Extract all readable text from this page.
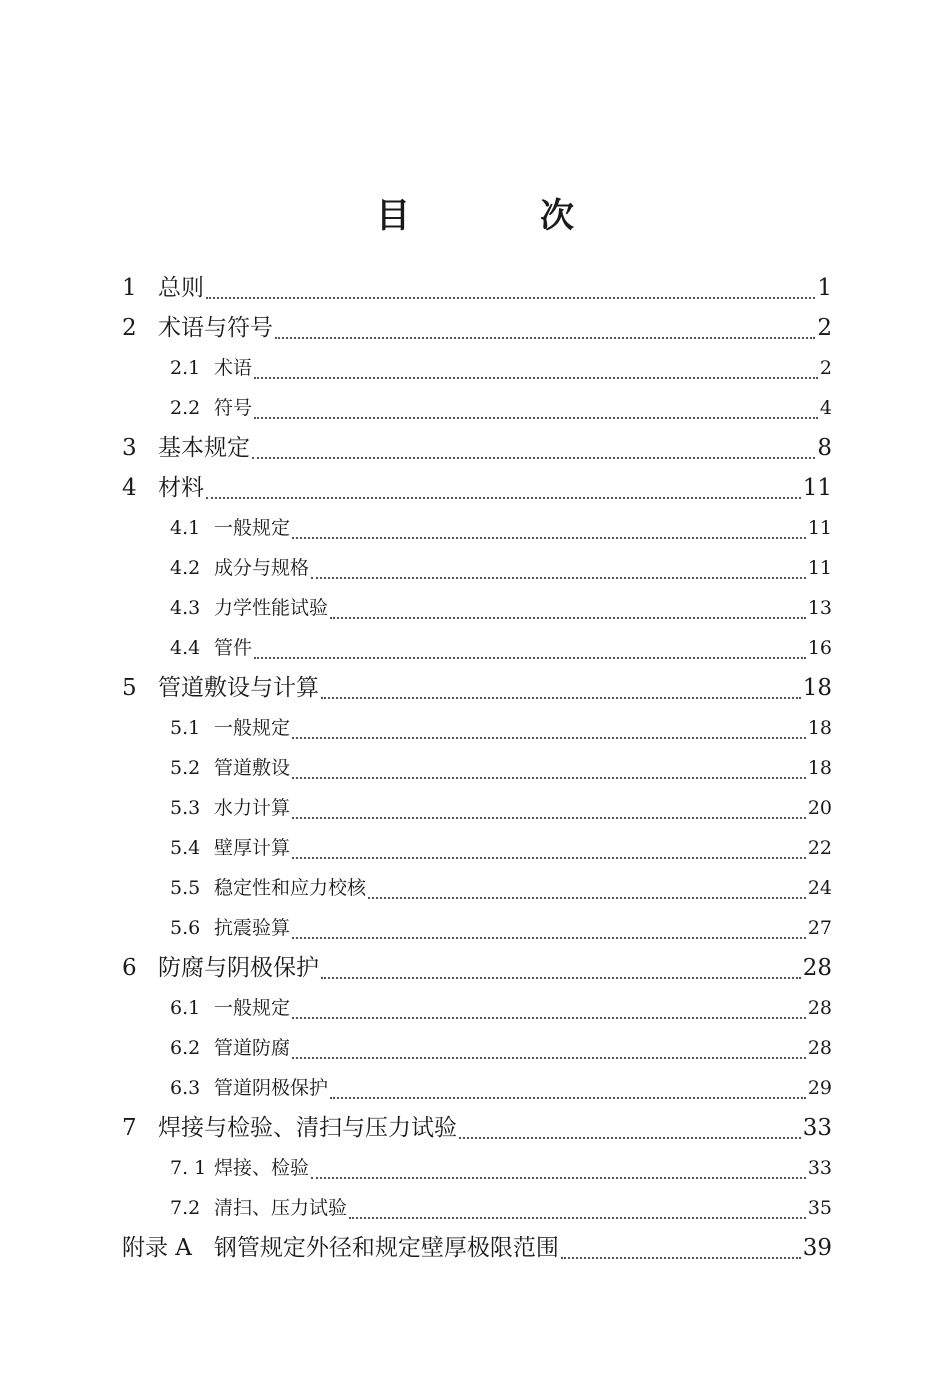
目　次
1 总则	1
2 术语与符号	2
2.1 术语	2
2.2 符号	4
3 基本规定	8
4 材料	11
4.1 一般规定	11
4.2 成分与规格	11
4.3 力学性能试验	13
4.4 管件	16
5 管道敷设与计算	18
5.1 一般规定	18
5.2 管道敷设	18
5.3 水力计算	20
5.4 壁厚计算	22
5.5 稳定性和应力校核	24
5.6 抗震验算	27
6 防腐与阴极保护	28
6.1 一般规定	28
6.2 管道防腐	28
6.3 管道阴极保护	29
7 焊接与检验、清扫与压力试验	33
7. 1 焊接、检验	33
7.2 清扫、压力试验	35
附录 A 钢管规定外径和规定壁厚极限范围	39
